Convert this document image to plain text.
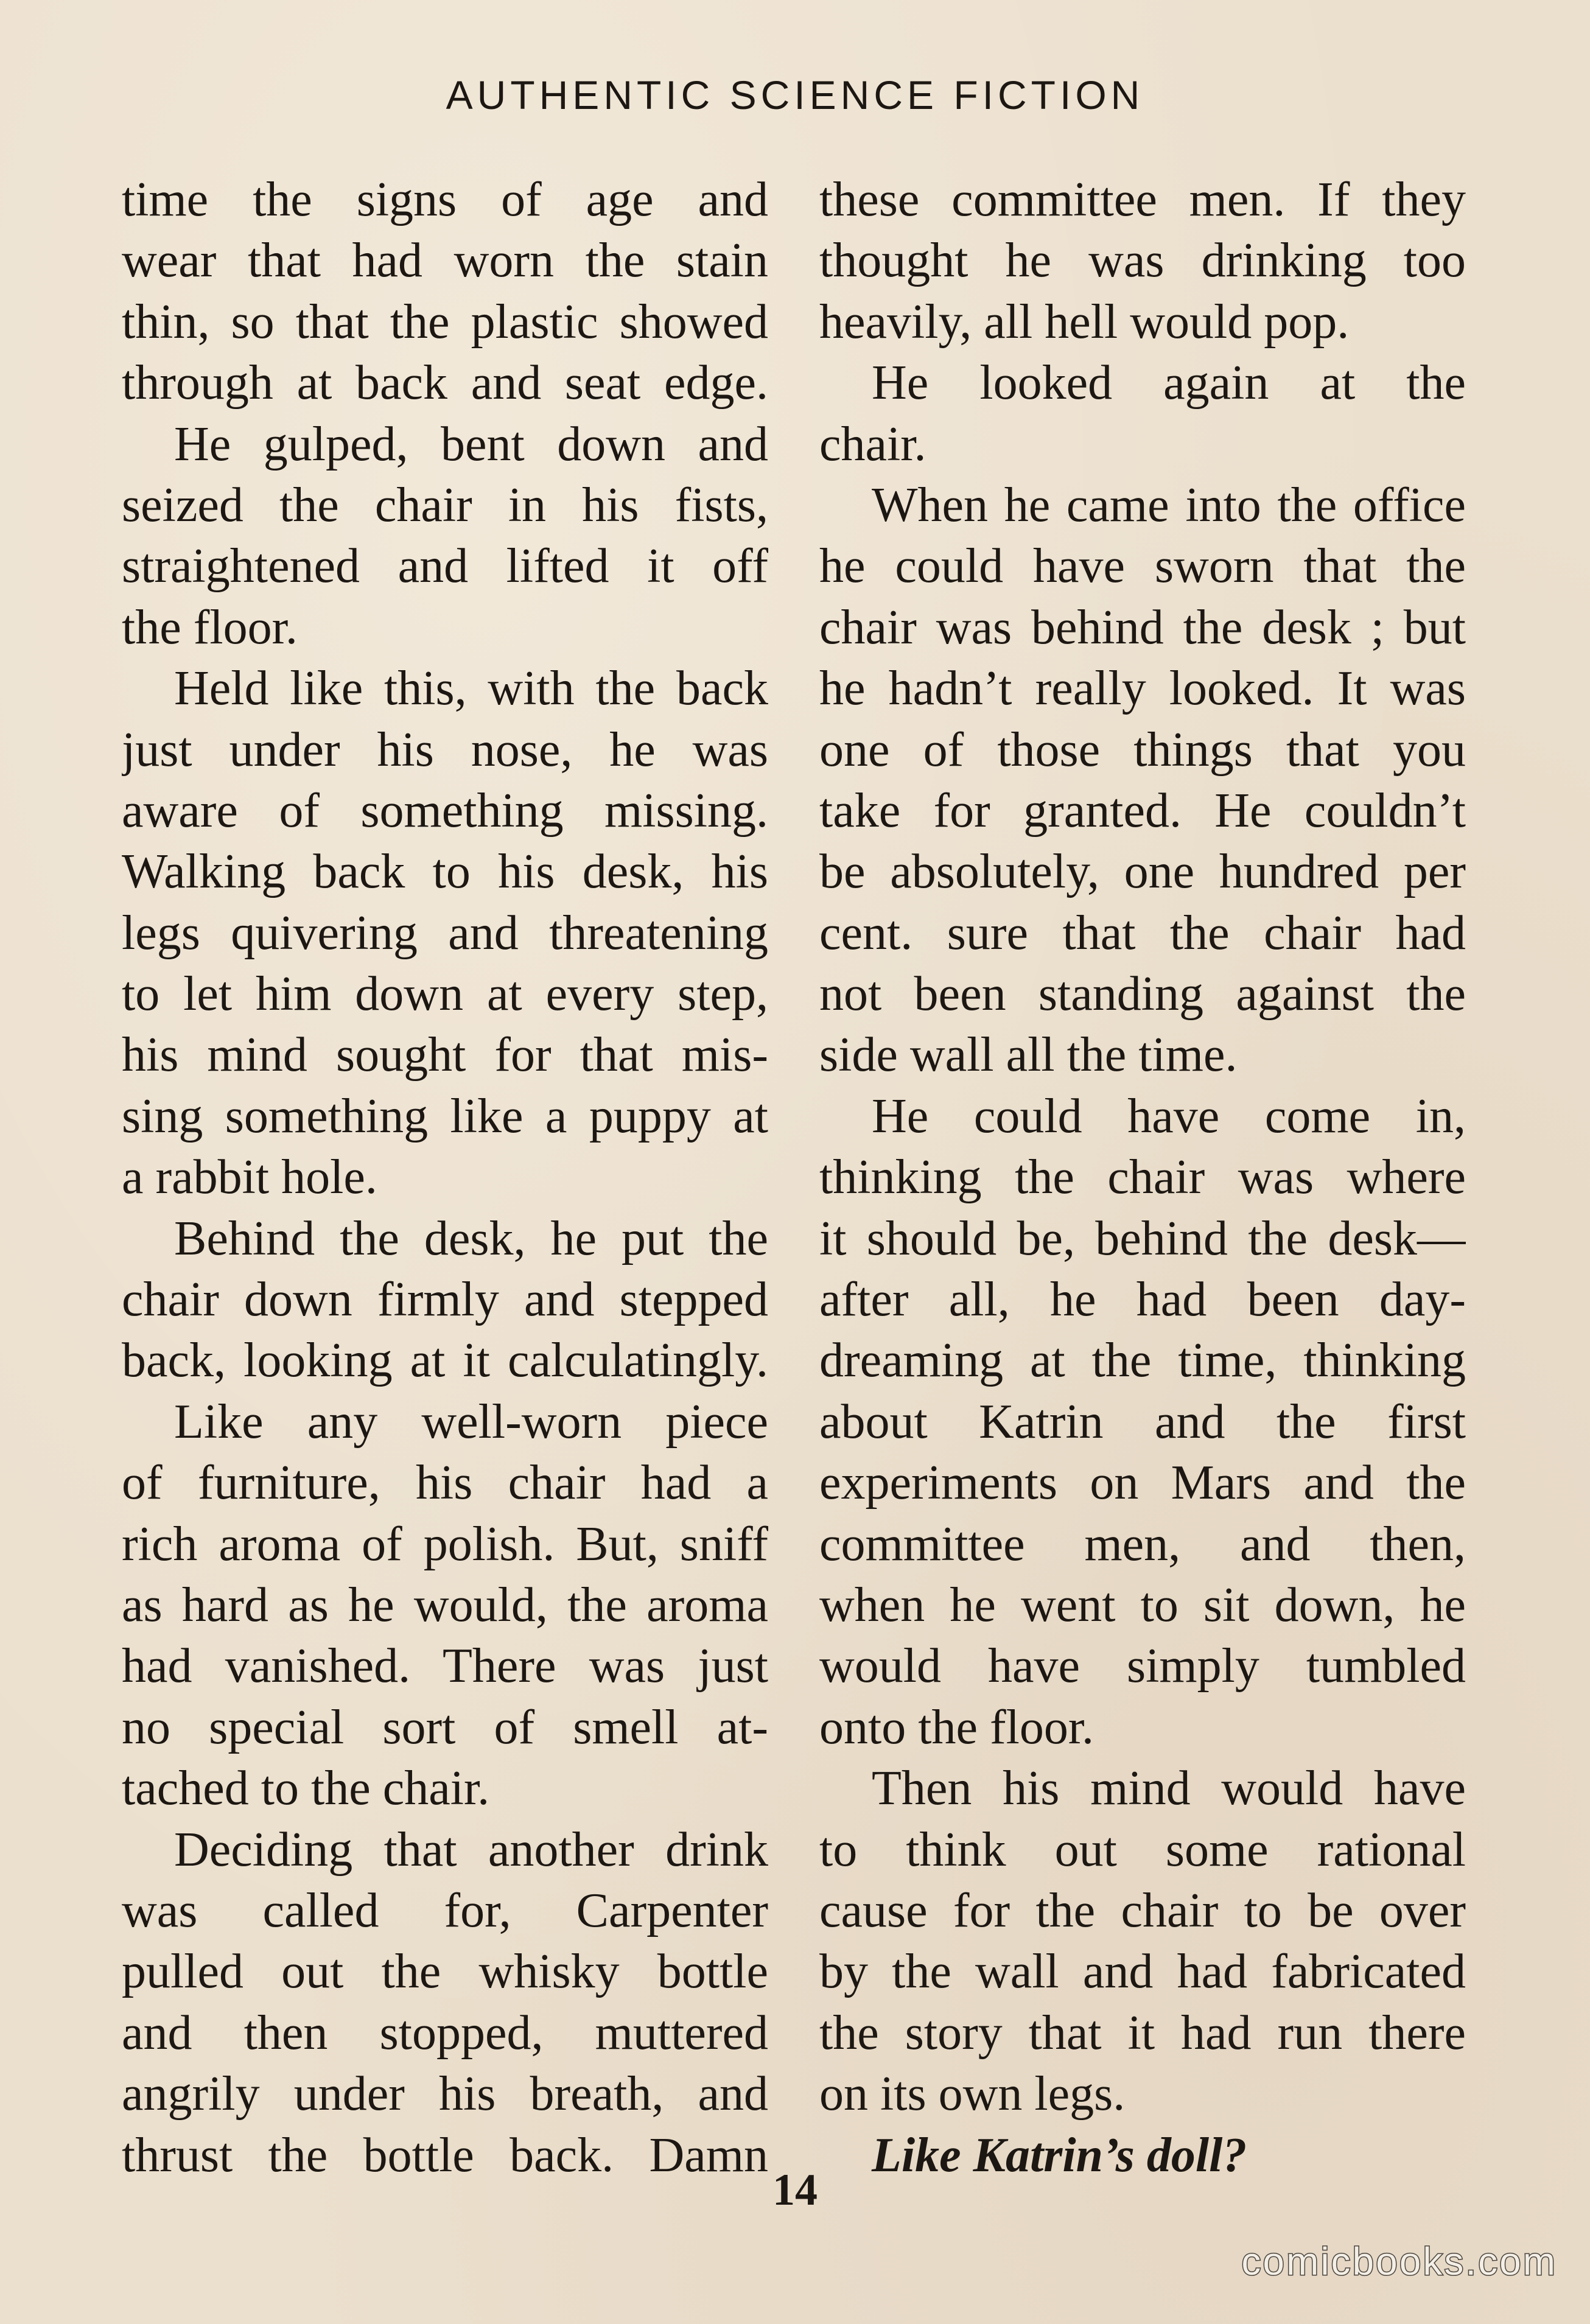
AUTHENTIC SCIENCE FICTION
time the signs of age and
wear that had worn the stain
thin, so that the plastic showed
through at back and seat edge.
He gulped, bent down and
seized the chair in his fists,
straightened and lifted it off
the floor.
Held like this, with the back
just under his nose, he was
aware of something missing.
Walking back to his desk, his
legs quivering and threatening
to let him down at every step,
his mind sought for that mis-
sing something like a puppy at
a rabbit hole.
Behind the desk, he put the
chair down firmly and stepped
back, looking at it calculatingly.
Like any well-worn piece
of furniture, his chair had a
rich aroma of polish. But, sniff
as hard as he would, the aroma
had vanished. There was just
no special sort of smell at-
tached to the chair.
Deciding that another drink
was called for, Carpenter
pulled out the whisky bottle
and then stopped, muttered
angrily under his breath, and
thrust the bottle back. Damn
these committee men. If they
thought he was drinking too
heavily, all hell would pop.
He looked again at the
chair.
When he came into the office
he could have sworn that the
chair was behind the desk ; but
he hadn’t really looked. It was
one of those things that you
take for granted. He couldn’t
be absolutely, one hundred per
cent. sure that the chair had
not been standing against the
side wall all the time.
He could have come in,
thinking the chair was where
it should be, behind the desk—
after all, he had been day-
dreaming at the time, thinking
about Katrin and the first
experiments on Mars and the
committee men, and then,
when he went to sit down, he
would have simply tumbled
onto the floor.
Then his mind would have
to think out some rational
cause for the chair to be over
by the wall and had fabricated
the story that it had run there
on its own legs.
Like Katrin’s doll?
14
comicbooks.com
